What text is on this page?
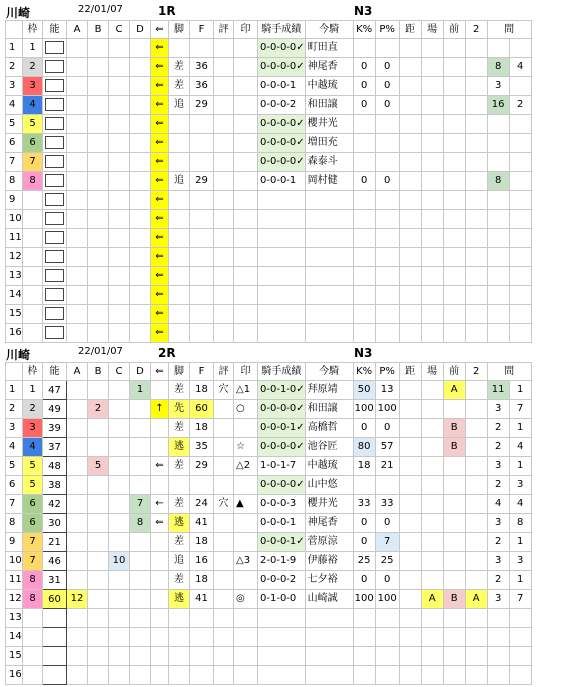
川崎	22/01/07	1R	N3
	枠	能	A	B	C	D	⇐	脚	F	評	印	騎手成績	今騎	K%	P%	距	場	前	2	間	
1	1						⇐					0-0-0-0✓	町田直								
2	2						⇐	差	36			0-0-0-0✓	神尾香	0	0					8	4
3	3						⇐	差	36			0-0-0-1	中越琉	0	0					3	
4	4						⇐	追	29			0-0-0-2	和田譲	0	0					16	2
5	5						⇐					0-0-0-0✓	櫻井光								
6	6						⇐					0-0-0-0✓	増田充								
7	7						⇐					0-0-0-0✓	森泰斗								
8	8						⇐	追	29			0-0-0-1	岡村健	0	0					8	
9							⇐														
10							⇐														
11							⇐														
12							⇐														
13							⇐														
14							⇐														
15							⇐														
16							⇐														
川崎	22/01/07	2R	N3
	枠	能	A	B	C	D	⇐	脚	F	評	印	騎手成績	今騎	K%	P%	距	場	前	2	間	
1	1	47				1		差	18	穴	△1	0-0-1-0✓	拜原靖	50	13			A		11	1
2	2	49		2			↑	先	60		○	0-0-0-0✓	和田譲	100	100					3	7
3	3	39						差	18			0-0-0-1✓	高橋哲	0	0			B		2	1
4	4	37						逃	35		☆	0-0-0-0✓	池谷匠	80	57			B		2	4
5	5	48		5			⇐	差	29		△2	1-0-1-7	中越琉	18	21					3	1
6	5	38										0-0-0-0✓	山中悠							2	3
7	6	42				7	←	差	24	穴	▲	0-0-0-3	櫻井光	33	33					4	4
8	6	30				8	⇐	逃	41			0-0-0-1	神尾香	0	0					3	8
9	7	21						差	18			0-0-0-1✓	菅原涼	0	7					2	1
10	7	46			10			追	16		△3	2-0-1-9	伊藤裕	25	25					3	3
11	8	31						差	18			0-0-0-2	七夕裕	0	0					2	1
12	8	60	12					逃	41		◎	0-1-0-0	山崎誠	100	100		A	B	A	3	7
13																					
14																					
15																					
16																					
